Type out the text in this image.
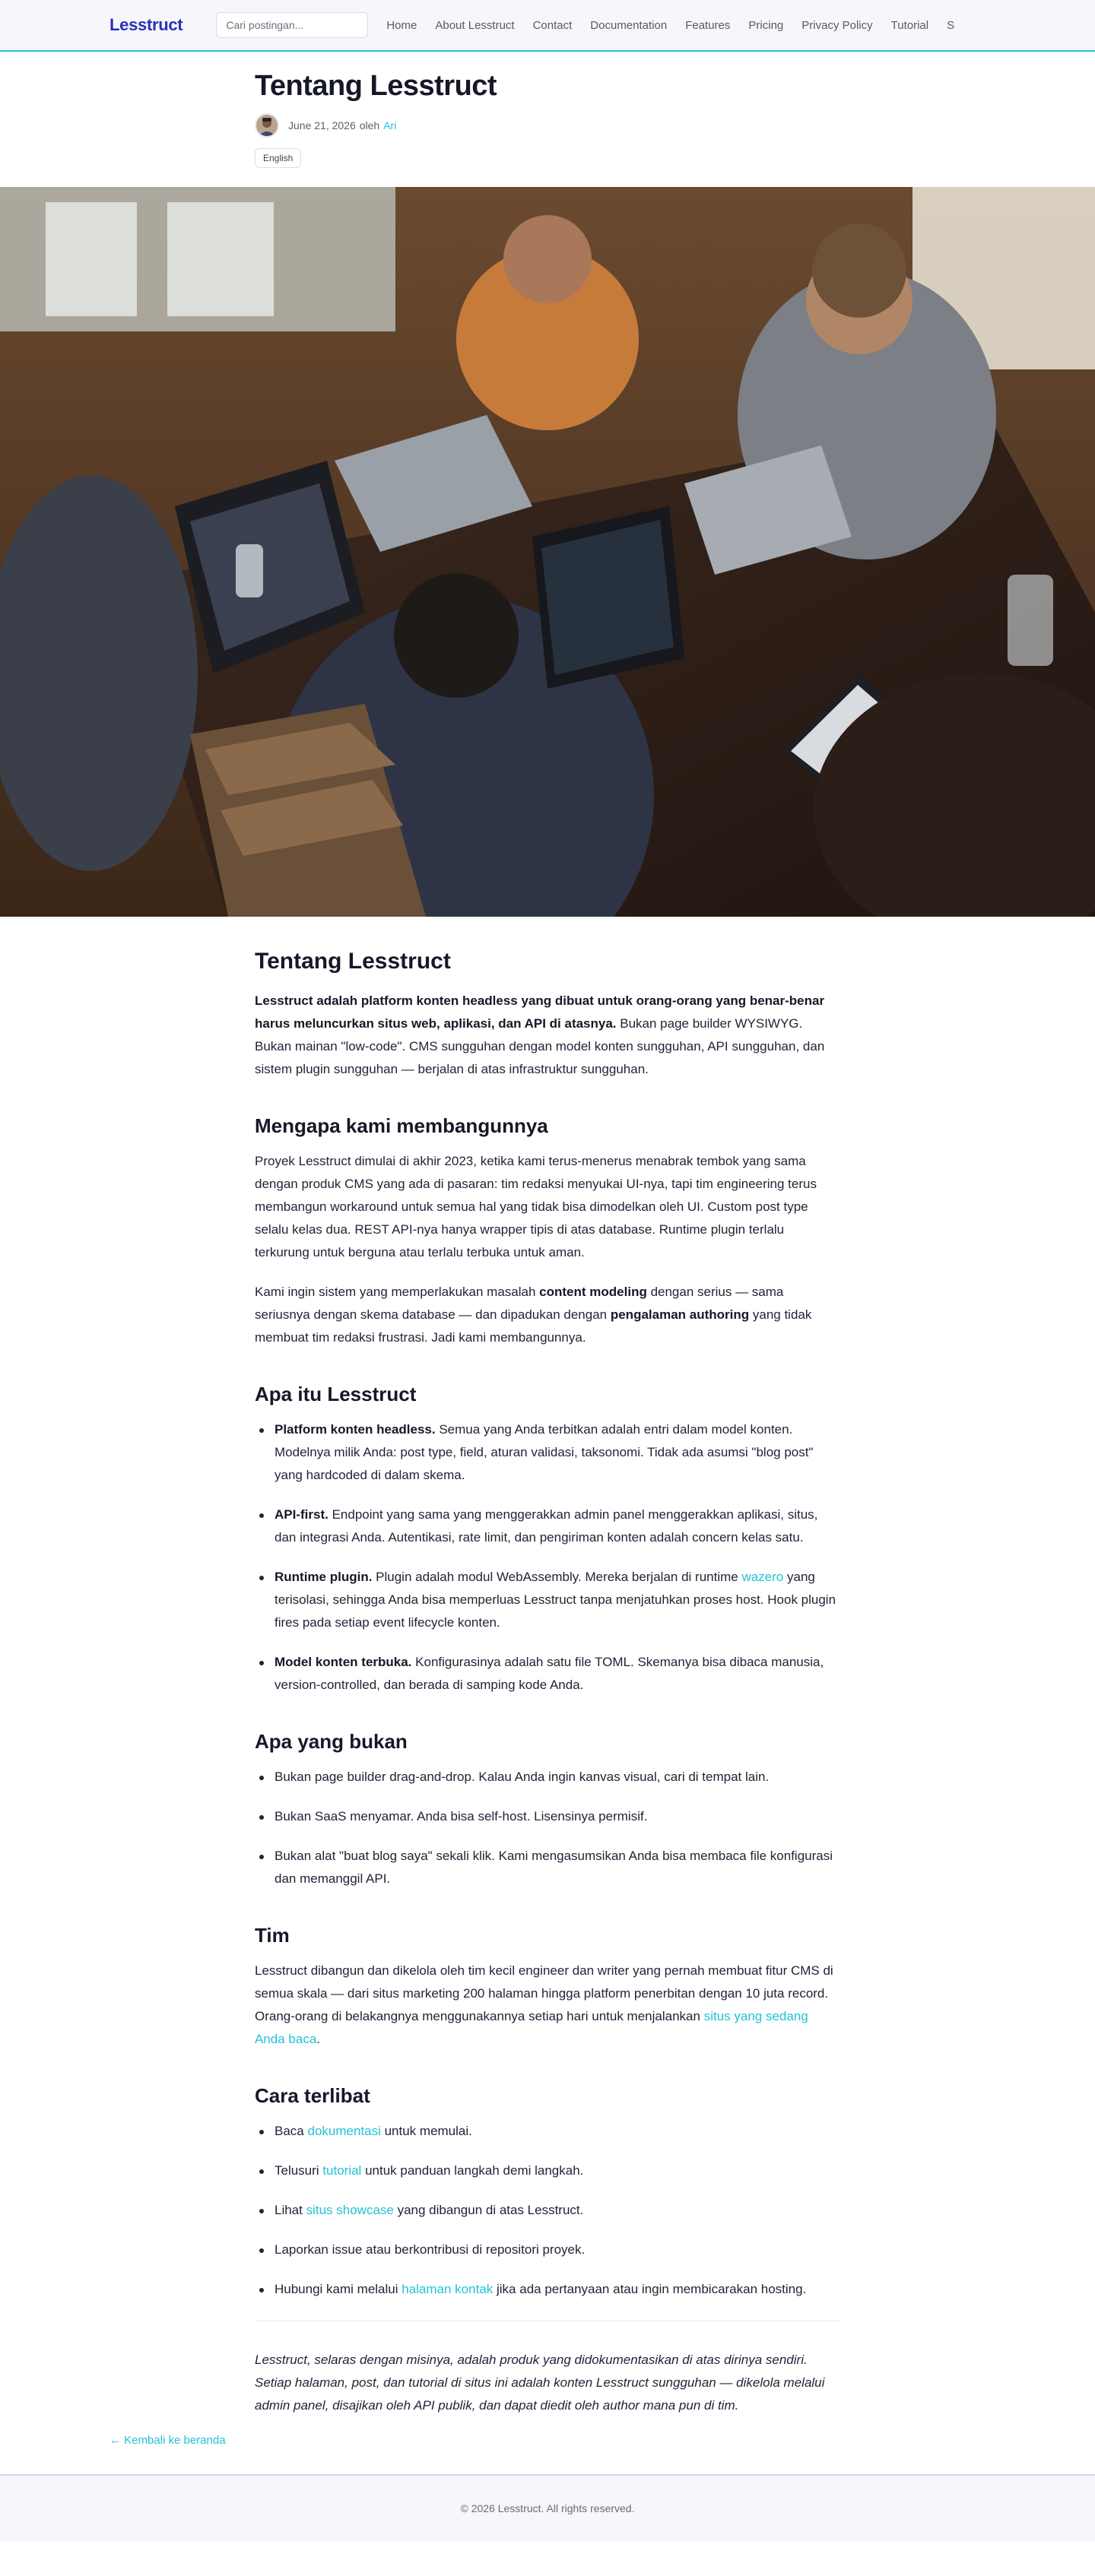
Lesstruct
Cari postingan...	Home About Lesstruct Contact Documentation Features Pricing Privacy Policy Tutorial S
Tentang Lesstruct
June 21, 2026 oleh Ari
English
Tentang Lesstruct

Lesstruct adalah platform konten headless yang dibuat untuk orang-orang yang benar-benar harus meluncurkan situs web, aplikasi, dan API di atasnya. Bukan page builder WYSIWYG. Bukan mainan "low-code". CMS sungguhan dengan model konten sungguhan, API sungguhan, dan sistem plugin sungguhan — berjalan di atas infrastruktur sungguhan.

Mengapa kami membangunnya

Proyek Lesstruct dimulai di akhir 2023, ketika kami terus-menerus menabrak tembok yang sama dengan produk CMS yang ada di pasaran: tim redaksi menyukai UI-nya, tapi tim engineering terus membangun workaround untuk semua hal yang tidak bisa dimodelkan oleh UI. Custom post type selalu kelas dua. REST API-nya hanya wrapper tipis di atas database. Runtime plugin terlalu terkurung untuk berguna atau terlalu terbuka untuk aman.

Kami ingin sistem yang memperlakukan masalah content modeling dengan serius — sama seriusnya dengan skema database — dan dipadukan dengan pengalaman authoring yang tidak membuat tim redaksi frustrasi. Jadi kami membangunnya.

Apa itu Lesstruct
Platform konten headless. Semua yang Anda terbitkan adalah entri dalam model konten. Modelnya milik Anda: post type, field, aturan validasi, taksonomi. Tidak ada asumsi "blog post" yang hardcoded di dalam skema.
API-first. Endpoint yang sama yang menggerakkan admin panel menggerakkan aplikasi, situs, dan integrasi Anda. Autentikasi, rate limit, dan pengiriman konten adalah concern kelas satu.
Runtime plugin. Plugin adalah modul WebAssembly. Mereka berjalan di runtime wazero yang terisolasi, sehingga Anda bisa memperluas Lesstruct tanpa menjatuhkan proses host. Hook plugin fires pada setiap event lifecycle konten.
Model konten terbuka. Konfigurasinya adalah satu file TOML. Skemanya bisa dibaca manusia, version-controlled, dan berada di samping kode Anda.
Apa yang bukan
Bukan page builder drag-and-drop. Kalau Anda ingin kanvas visual, cari di tempat lain.
Bukan SaaS menyamar. Anda bisa self-host. Lisensinya permisif.
Bukan alat "buat blog saya" sekali klik. Kami mengasumsikan Anda bisa membaca file konfigurasi dan memanggil API.
Tim

Lesstruct dibangun dan dikelola oleh tim kecil engineer dan writer yang pernah membuat fitur CMS di semua skala — dari situs marketing 200 halaman hingga platform penerbitan dengan 10 juta record. Orang-orang di belakangnya menggunakannya setiap hari untuk menjalankan situs yang sedang Anda baca.

Cara terlibat
Baca dokumentasi untuk memulai.
Telusuri tutorial untuk panduan langkah demi langkah.
Lihat situs showcase yang dibangun di atas Lesstruct.
Laporkan issue atau berkontribusi di repositori proyek.
Hubungi kami melalui halaman kontak jika ada pertanyaan atau ingin membicarakan hosting.

Lesstruct, selaras dengan misinya, adalah produk yang didokumentasikan di atas dirinya sendiri. Setiap halaman, post, dan tutorial di situs ini adalah konten Lesstruct sungguhan — dikelola melalui admin panel, disajikan oleh API publik, dan dapat diedit oleh author mana pun di tim.

← Kembali ke beranda
© 2026 Lesstruct. All rights reserved.
